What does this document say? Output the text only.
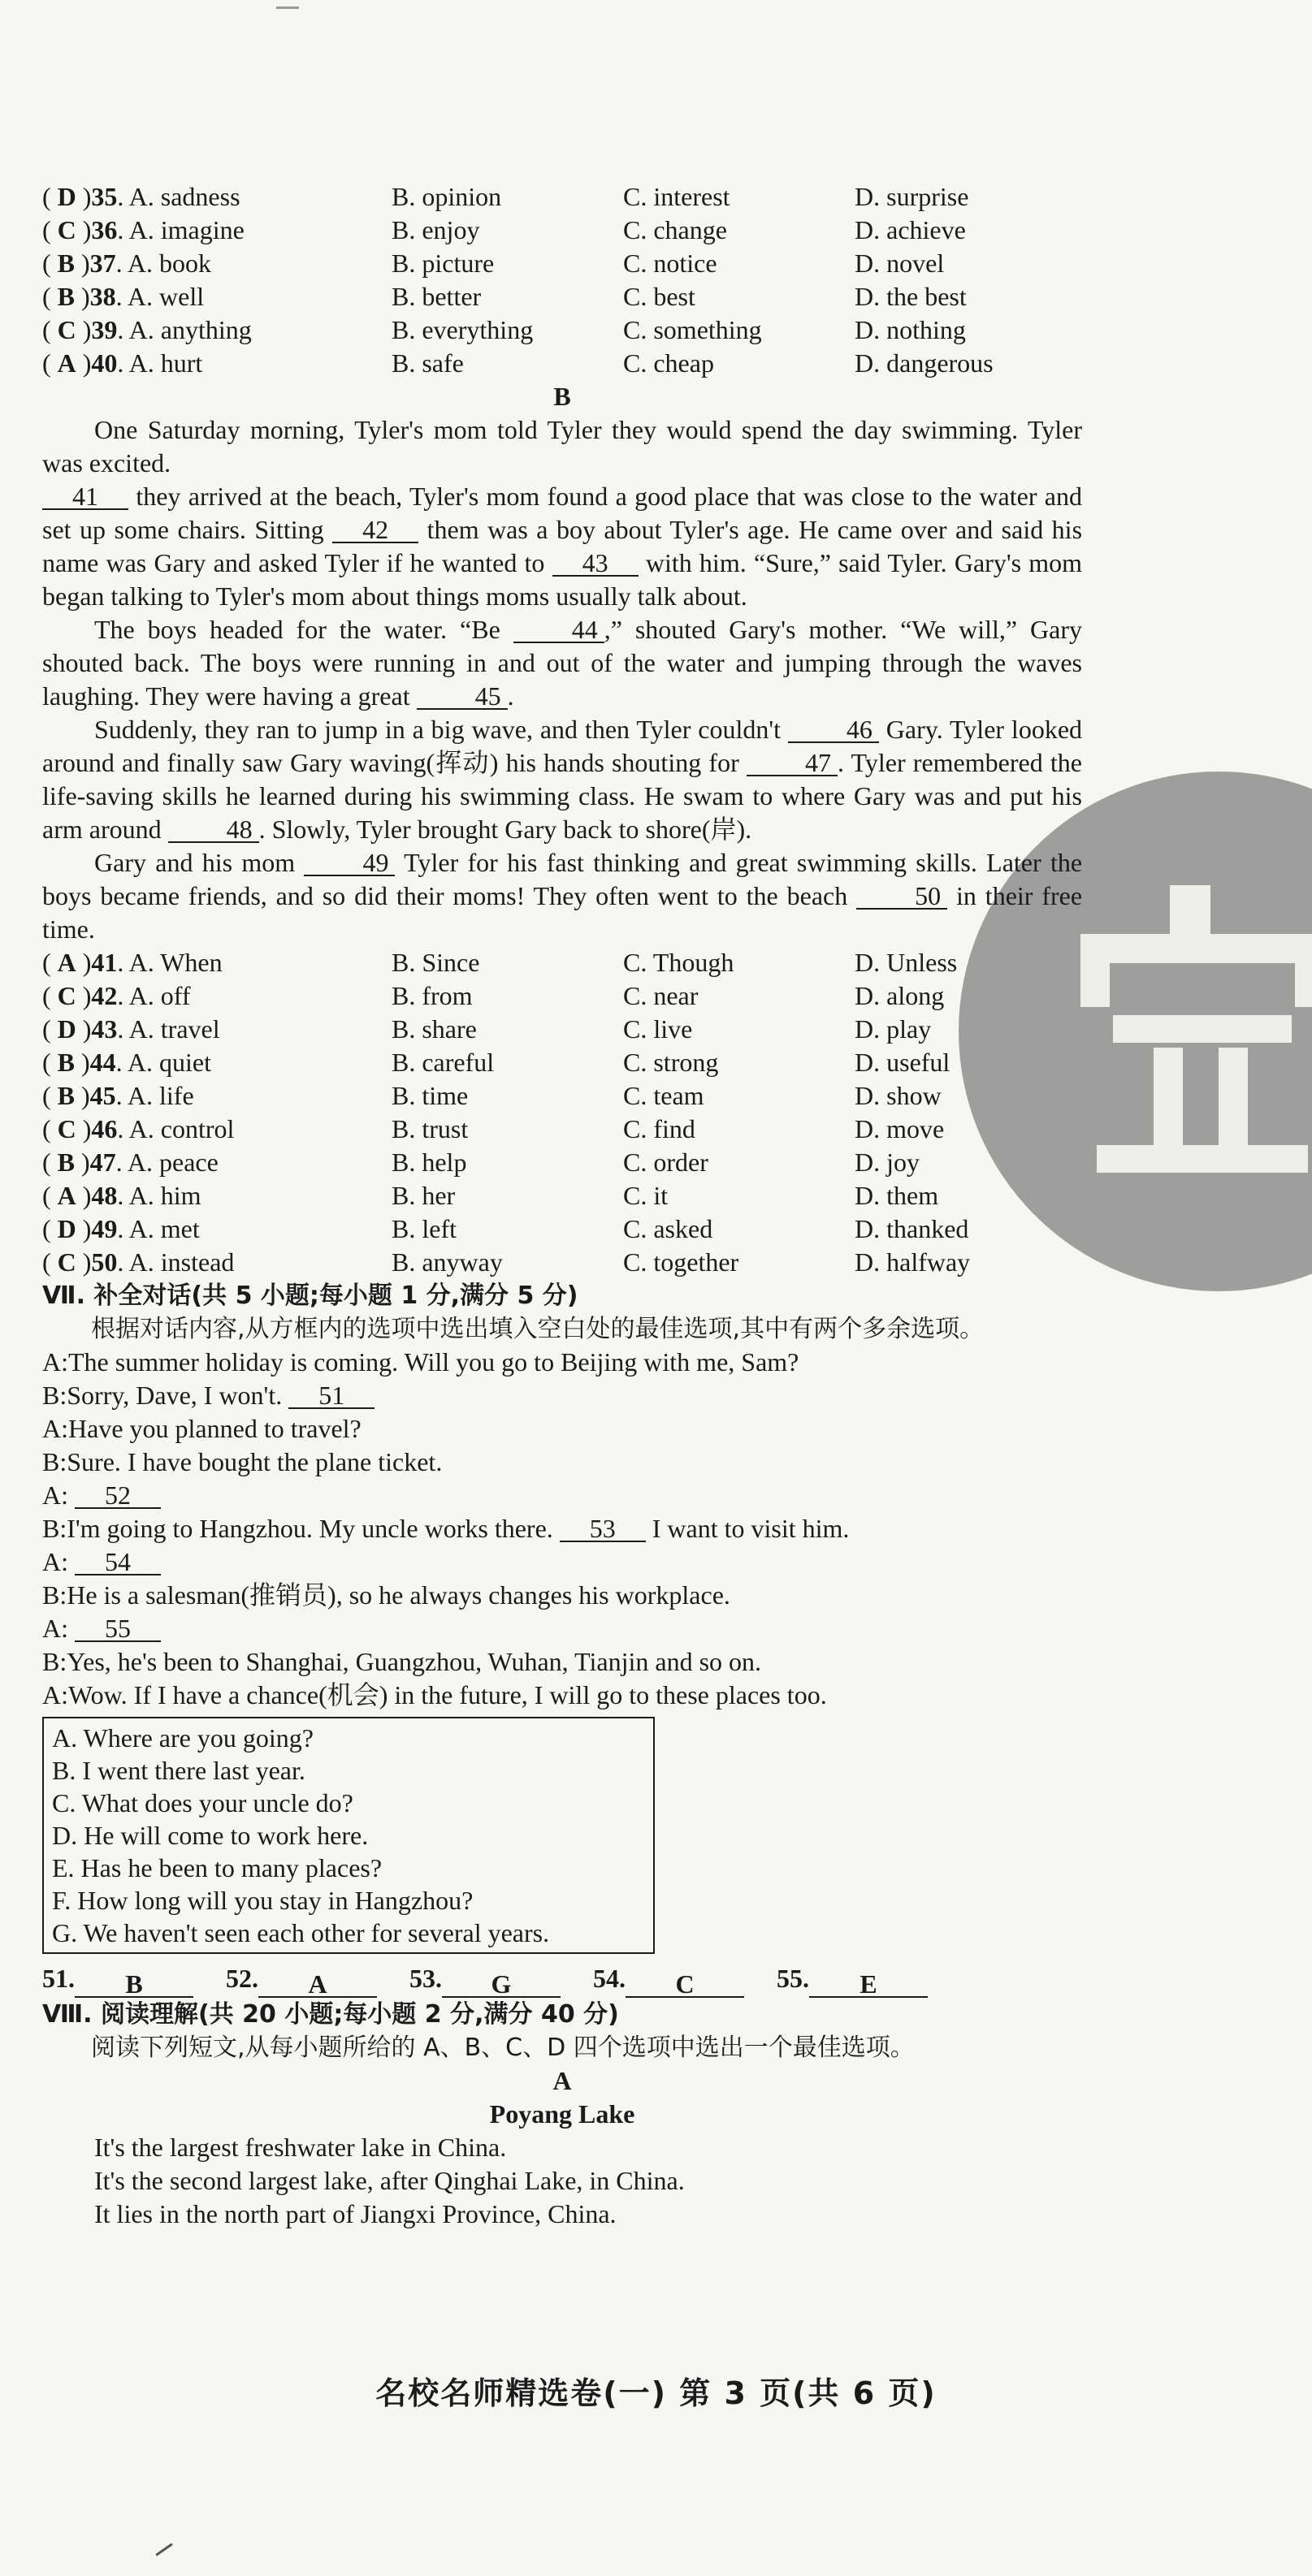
( D )35. A. sadness	B. opinion	C. interest	D. surprise
( C )36. A. imagine	B. enjoy	C. change	D. achieve
( B )37. A. book	B. picture	C. notice	D. novel
( B )38. A. well	B. better	C. best	D. the best
( C )39. A. anything	B. everything	C. something	D. nothing
( A )40. A. hurt	B. safe	C. cheap	D. dangerous
B

One Saturday morning, Tyler's mom told Tyler they would spend the day swimming. Tyler was excited.

41 they arrived at the beach, Tyler's mom found a good place that was close to the water and set up some chairs. Sitting 42 them was a boy about Tyler's age. He came over and said his name was Gary and asked Tyler if he wanted to 43 with him. “Sure,” said Tyler. Gary's mom began talking to Tyler's mom about things moms usually talk about.

The boys headed for the water. “Be	44 ,” shouted Gary's mother. “We will,” Gary shouted back. The boys were running in and out of the water and jumping through the waves laughing. They were having a great	45 .

Suddenly, they ran to jump in a big wave, and then Tyler couldn't	46 Gary. Tyler looked around and finally saw Gary waving(挥动) his hands shouting for	47 . Tyler remembered the life-saving skills he learned during his swimming class. He swam to where Gary was and put his arm around	48 . Slowly, Tyler brought Gary back to shore(岸).

Gary and his mom	49 Tyler for his fast thinking and great swimming skills. Later the boys became friends, and so did their moms! They often went to the beach	50 in their free time.

( A )41. A. When	B. Since	C. Though	D. Unless
( C )42. A. off	B. from	C. near	D. along
( D )43. A. travel	B. share	C. live	D. play
( B )44. A. quiet	B. careful	C. strong	D. useful
( B )45. A. life	B. time	C. team	D. show
( C )46. A. control	B. trust	C. find	D. move
( B )47. A. peace	B. help	C. order	D. joy
( A )48. A. him	B. her	C. it	D. them
( D )49. A. met	B. left	C. asked	D. thanked
( C )50. A. instead	B. anyway	C. together	D. halfway
Ⅶ. 补全对话(共 5 小题;每小题 1 分,满分 5 分)

根据对话内容,从方框内的选项中选出填入空白处的最佳选项,其中有两个多余选项。

A:The summer holiday is coming. Will you go to Beijing with me, Sam?
B:Sorry, Dave, I won't. 51
A:Have you planned to travel?
B:Sure. I have bought the plane ticket.
A: 52
B:I'm going to Hangzhou. My uncle works there. 53 I want to visit him.
A: 54
B:He is a salesman(推销员), so he always changes his workplace.
A: 55
B:Yes, he's been to Shanghai, Guangzhou, Wuhan, Tianjin and so on.
A:Wow. If I have a chance(机会) in the future, I will go to these places too.
A. Where are you going?
B. I went there last year.
C. What does your uncle do?
D. He will come to work here.
E. Has he been to many places?
F. How long will you stay in Hangzhou?
G. We haven't seen each other for several years.
51.	B	52.	A	53.	G	54.	C	55.	E
Ⅷ. 阅读理解(共 20 小题;每小题 2 分,满分 40 分)

阅读下列短文,从每小题所给的 A、B、C、D 四个选项中选出一个最佳选项。

A
Poyang Lake
It's the largest freshwater lake in China.
It's the second largest lake, after Qinghai Lake, in China.
It lies in the north part of Jiangxi Province, China.
名校名师精选卷(一) 第 3 页(共 6 页)
